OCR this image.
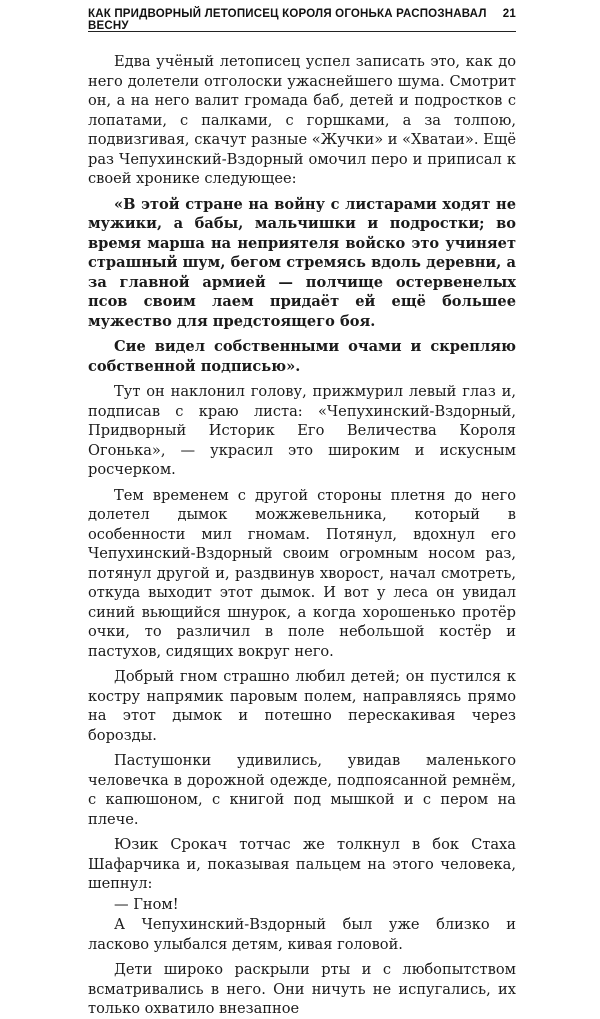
КАК ПРИДВОРНЫЙ ЛЕТОПИСЕЦ КОРОЛЯ ОГОНЬКА РАСПОЗНАВАЛ ВЕСНУ
21

Едва учёный летописец успел записать это, как до него долетели отголоски ужаснейшего шума. Смотрит он, а на него валит громада баб, детей и подростков с лопатами, с палками, с горшками, а за толпою, подвизгивая, скачут разные «Жучки» и «Хватаи». Ещё раз Чепухинский-Вздорный омочил перо и приписал к своей хронике следующее:

«В этой стране на войну с листарами ходят не мужики, а бабы, мальчишки и подростки; во время марша на неприятеля войско это учиняет страшный шум, бегом стремясь вдоль деревни, а за главной армией — полчище остервенелых псов своим лаем придаёт ей ещё большее мужество для предстоящего боя.

Сие видел собственными очами и скрепляю собственной подписью».

Тут он наклонил голову, прижмурил левый глаз и, подписав с краю листа: «Чепухинский-Вздорный, Придворный Историк Его Величества Короля Огонька», — украсил это широким и искусным росчерком.

Тем временем с другой стороны плетня до него долетел дымок можжевельника, который в особенности мил гномам. Потянул, вдохнул его Чепухинский-Вздорный своим огромным носом раз, потянул другой и, раздвинув хворост, начал смотреть, откуда выходит этот дымок. И вот у леса он увидал синий вьющийся шнурок, а когда хорошенько протёр очки, то различил в поле небольшой костёр и пастухов, сидящих вокруг него.

Добрый гном страшно любил детей; он пустился к костру напрямик паровым полем, направляясь прямо на этот дымок и потешно перескакивая через борозды.

Пастушонки удивились, увидав маленького человечка в дорожной одежде, подпоясанной ремнём, с капюшоном, с книгой под мышкой и с пером на плече.

Юзик Срокач тотчас же толкнул в бок Стаха Шафарчика и, показывая пальцем на этого человека, шепнул:

— Гном!

А Чепухинский-Вздорный был уже близко и ласково улыбался детям, кивая головой.

Дети широко раскрыли рты и с любопытством всматривались в него. Они ничуть не испугались, их только охватило внезапное
